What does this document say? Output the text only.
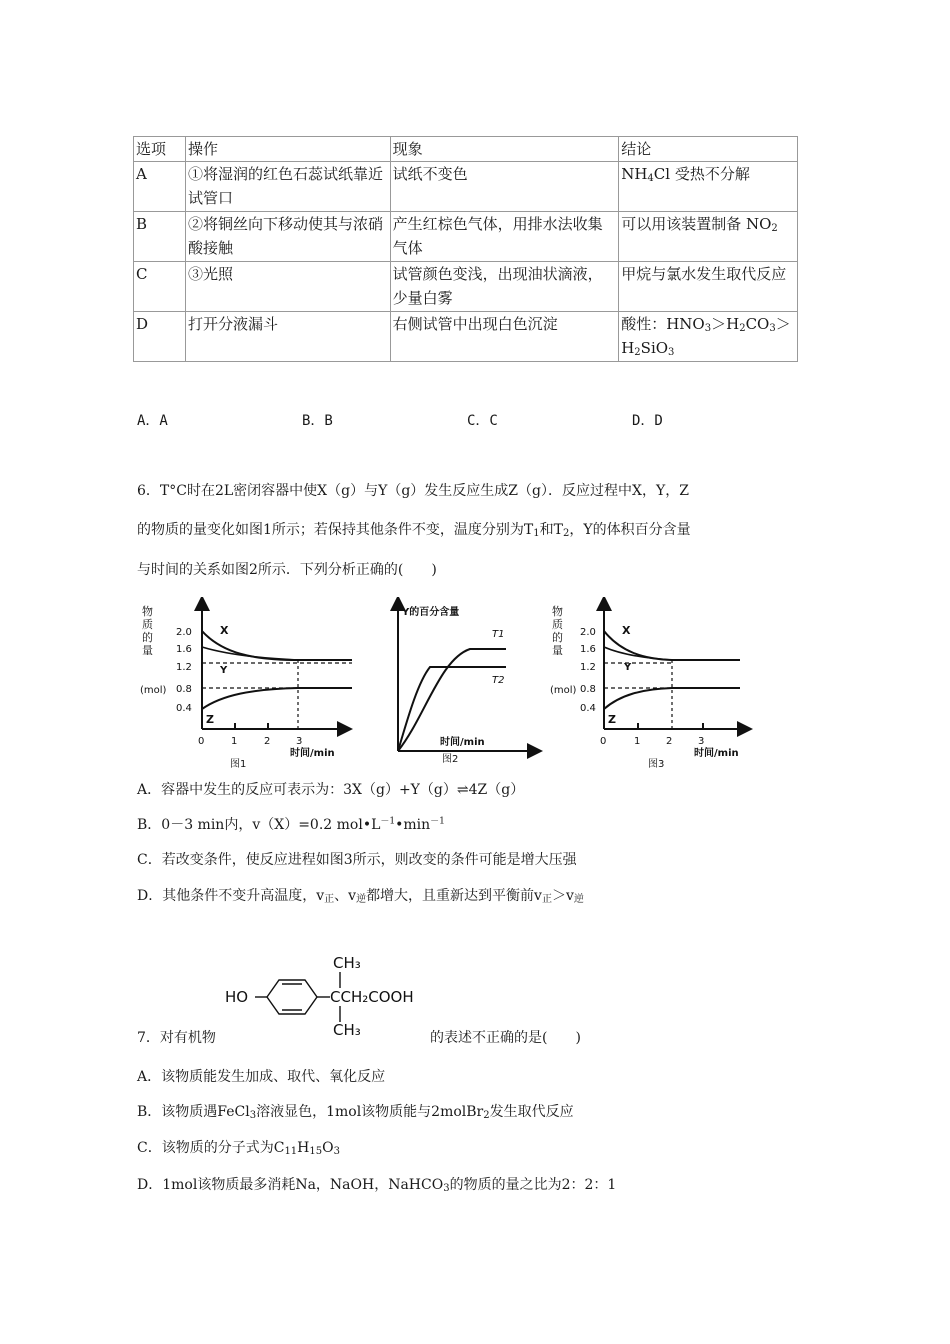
选项	操作	现象	结论
A	①将湿润的红色石蕊试纸靠近试管口	试纸不变色	$NH_4Cl$ 受热不分解
B	②将铜丝向下移动使其与浓硝酸接触	产生红棕色气体，用排水法收集气体	可以用该装置制备 $NO_2$
C	③光照	试管颜色变浅，出现油状滴液，少量白雾	甲烷与氯水发生取代反应
D	打开分液漏斗	右侧试管中出现白色沉淀	酸性：$HNO_3>H_2CO_3>$
$H_2SiO_3$
A．A	B．B	C．C	D．D
6．T°C时在2L密闭容器中使X（g）与Y（g）发生反应生成Z（g）．反应过程中X，Y，Z
的物质的量变化如图1所示；若保持其他条件不变，温度分别为$T_1$和$T_2$，Y的体积百分含量
与时间的关系如图2所示．下列分析正确的(　　)
物
质
的
量
(mol)
2.0
1.6
1.2
0.8
0.4
0	1	2	3
时间/min
图1
X
Y
Z
Y的百分含量
T1
T2
时间/min
图2
物
质
的
量
(mol)
2.0
1.6
1.2
0.8
0.4
0	1	2	3
时间/min
图3
X
Y
Z
A．容器中发生的反应可表示为：3X（g）+Y（g）⇌4Z（g）
B．0－3 min内，v（X）=0.2 $mol•L^{-1}•\min^{-1}$
C．若改变条件，使反应进程如图3所示，则改变的条件可能是增大压强
D．其他条件不变升高温度，$v_正$、$v_逆$都增大，且重新达到平衡前$v_正>v_逆$
HO
CH₃
CCH₂COOH
CH₃
7．对有机物	的表述不正确的是(　　)
A．该物质能发生加成、取代、氧化反应
B．该物质遇FeCl$_3$溶液显色，1mol该物质能与2molBr$_2$发生取代反应
C．该物质的分子式为$C_{11}H_{15}O_3$
D．1mol该物质最多消耗Na，NaOH，NaHCO$_3$的物质的量之比为2：2：1
